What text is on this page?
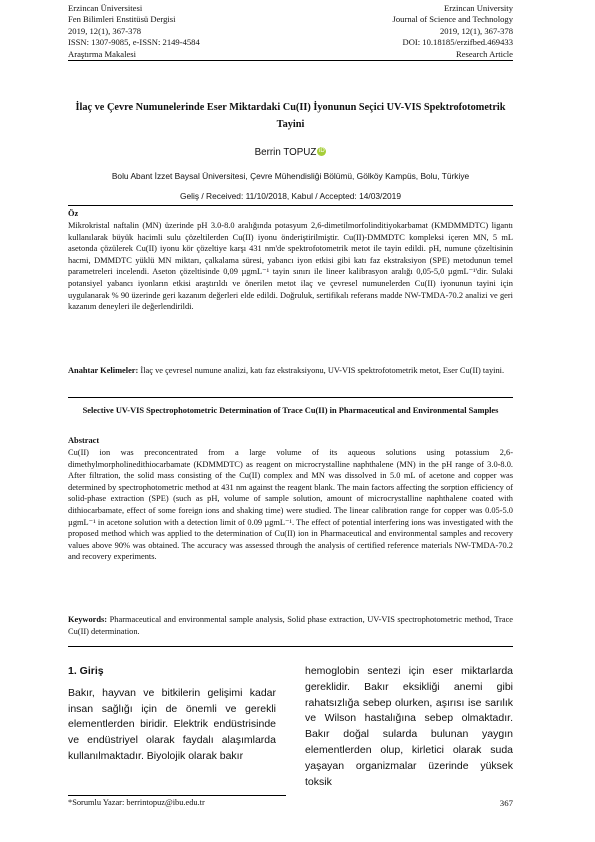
Erzincan Üniversitesi
Fen Bilimleri Enstitüsü Dergisi
2019, 12(1), 367-378
ISSN: 1307-9085, e-ISSN: 2149-4584
Araştırma Makalesi
Erzincan University
Journal of Science and Technology
2019, 12(1), 367-378
DOI: 10.18185/erzifbed.469433
Research Article
İlaç ve Çevre Numunelerinde Eser Miktardaki Cu(II) İyonunun Seçici UV-VIS Spektrofotometrik Tayini
Berrin TOPUZ iD
Bolu Abant İzzet Baysal Üniversitesi, Çevre Mühendisliği Bölümü, Gölköy Kampüs, Bolu, Türkiye
Geliş / Received: 11/10/2018, Kabul / Accepted: 14/03/2019
Öz

Mikrokristal naftalin (MN) üzerinde pH 3.0-8.0 aralığında potasyum 2,6-dimetilmorfolinditiyokarbamat (KMDMMDTC) ligantı kullanılarak büyük hacimli sulu çözeltilerden Cu(II) iyonu önderiştirilmiştir. Cu(II)-DMMDTC kompleksi içeren MN, 5 mL asetonda çözülerek Cu(II) iyonu kör çözeltiye karşı 431 nm'de spektrofotometrik metot ile tayin edildi. pH, numune çözeltisinin hacmi, DMMDTC yüklü MN miktarı, çalkalama süresi, yabancı iyon etkisi gibi katı faz ekstraksiyon (SPE) metodunun temel parametreleri incelendi. Aseton çözeltisinde 0,09 µgmL⁻¹ tayin sınırı ile lineer kalibrasyon aralığı 0,05-5,0 µgmL⁻¹'dir. Sulaki potansiyel yabancı iyonların etkisi araştırıldı ve önerilen metot ilaç ve çevresel numunelerden Cu(II) iyonunun tayini için uygulanarak % 90 üzerinde geri kazanım değerleri elde edildi. Doğruluk, sertifikalı referans madde NW-TMDA-70.2 analizi ve geri kazanım deneyleri ile değerlendirildi.

Anahtar Kelimeler: İlaç ve çevresel numune analizi, katı faz ekstraksiyonu, UV-VIS spektrofotometrik metot, Eser Cu(II) tayini.

Selective UV-VIS Spectrophotometric Determination of Trace Cu(II) in Pharmaceutical and Environmental Samples
Abstract

Cu(II) ion was preconcentrated from a large volume of its aqueous solutions using potassium 2,6-dimethylmorpholinedithiocarbamate (KDMMDTC) as reagent on microcrystalline naphthalene (MN) in the pH range of 3.0-8.0. After filtration, the solid mass consisting of the Cu(II) complex and MN was dissolved in 5.0 mL of acetone and copper was determined by spectrophotometric method at 431 nm against the reagent blank. The main factors affecting the sorption efficiency of solid-phase extraction (SPE) (such as pH, volume of sample solution, amount of microcrystalline naphthalene coated with dithiocarbamate, effect of some foreign ions and shaking time) were studied. The linear calibration range for copper was 0.05-5.0 µgmL⁻¹ in acetone solution with a detection limit of 0.09 µgmL⁻¹. The effect of potential interfering ions was investigated with the proposed method which was applied to the determination of Cu(II) ion in Pharmaceutical and environmental samples and recovery values above 90% was obtained. The accuracy was assessed through the analysis of certified reference materials NW-TMDA-70.2 and recovery experiments.

Keywords: Pharmaceutical and environmental sample analysis, Solid phase extraction, UV-VIS spectrophotometric method, Trace Cu(II) determination.

1. Giriş

Bakır, hayvan ve bitkilerin gelişimi kadar insan sağlığı için de önemli ve gerekli elementlerden biridir. Elektrik endüstrisinde ve endüstriyel olarak faydalı alaşımlarda kullanılmaktadır. Biyolojik olarak bakır

hemoglobin sentezi için eser miktarlarda gereklidir. Bakır eksikliği anemi gibi rahatsızlığa sebep olurken, aşırısı ise sarılık ve Wilson hastalığına sebep olmaktadır. Bakır doğal sularda bulunan yaygın elementlerden olup, kirletici olarak suda yaşayan organizmalar üzerinde yüksek toksik

*Sorumlu Yazar: berrintopuz@ibu.edu.tr	367
